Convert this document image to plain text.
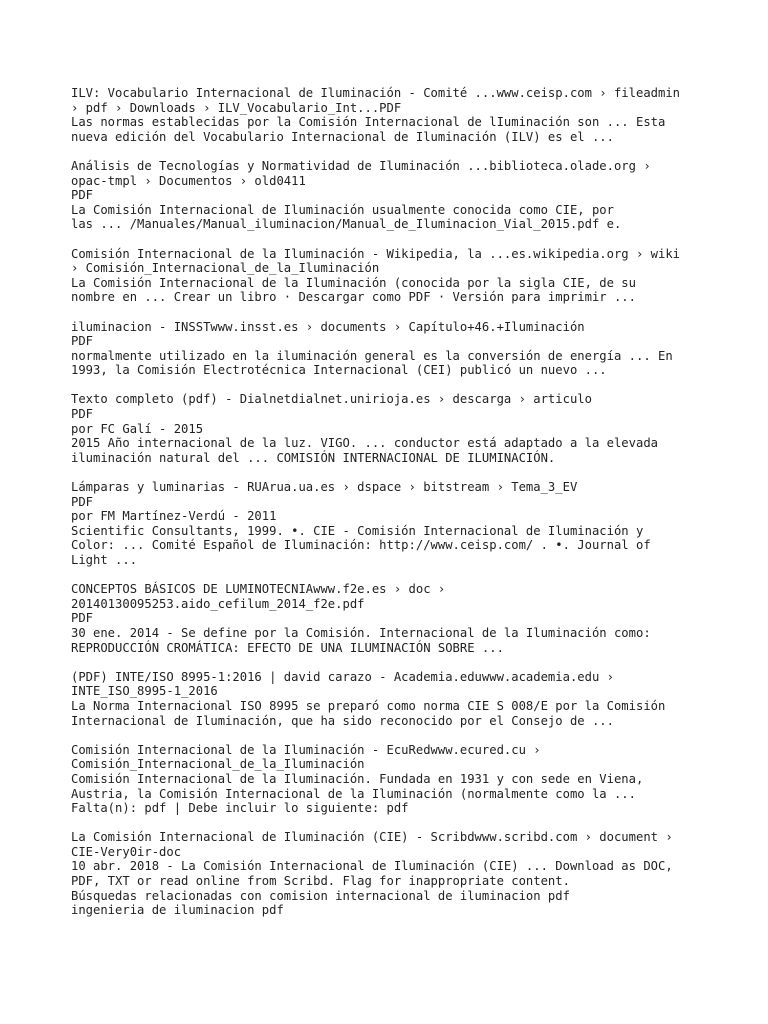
ILV: Vocabulario Internacional de Iluminación - Comité ...www.ceisp.com › fileadmin
› pdf › Downloads › ILV_Vocabulario_Int...PDF
Las normas establecidas por la Comisión Internacional de lIuminación son ... Esta
nueva edición del Vocabulario Internacional de Iluminación (ILV) es el ...
Análisis de Tecnologías y Normatividad de Iluminación ...biblioteca.olade.org ›
opac-tmpl › Documentos › old0411
PDF
La Comisión Internacional de Iluminación usualmente conocida como CIE, por
las ... /Manuales/Manual_iluminacion/Manual_de_Iluminacion_Vial_2015.pdf e.
Comisión Internacional de la Iluminación - Wikipedia, la ...es.wikipedia.org › wiki
› Comisión_Internacional_de_la_Iluminación
La Comisión Internacional de la Iluminación (conocida por la sigla CIE, de su
nombre en ... Crear un libro · Descargar como PDF · Versión para imprimir ...
iluminacion - INSSTwww.insst.es › documents › Capítulo+46.+Iluminación
PDF
normalmente utilizado en la iluminación general es la conversión de energía ... En
1993, la Comisión Electrotécnica Internacional (CEI) publicó un nuevo ...
Texto completo (pdf) - Dialnetdialnet.unirioja.es › descarga › articulo
PDF
por FC Galí - 2015
2015 Año internacional de la luz. VIGO. ... conductor está adaptado a la elevada
iluminación natural del ... COMISIÓN INTERNACIONAL DE ILUMINACIÓN.
Lámparas y luminarias - RUArua.ua.es › dspace › bitstream › Tema_3_EV
PDF
por FM Martínez-Verdú - 2011
Scientific Consultants, 1999. •. CIE - Comisión Internacional de Iluminación y
Color: ... Comité Español de Iluminación: http://www.ceisp.com/ . •. Journal of
Light ...
CONCEPTOS BÁSICOS DE LUMINOTECNIAwww.f2e.es › doc ›
20140130095253.aido_cefilum_2014_f2e.pdf
PDF
30 ene. 2014 - Se define por la Comisión. Internacional de la Iluminación como:
REPRODUCCIÓN CROMÁTICA: EFECTO DE UNA ILUMINACIÓN SOBRE ...
(PDF) INTE/ISO 8995-1:2016 | david carazo - Academia.eduwww.academia.edu ›
INTE_ISO_8995-1_2016
La Norma Internacional ISO 8995 se preparó como norma CIE S 008/E por la Comisión
Internacional de Iluminación, que ha sido reconocido por el Consejo de ...
Comisión Internacional de la Iluminación - EcuRedwww.ecured.cu ›
Comisión_Internacional_de_la_Iluminación
Comisión Internacional de la Iluminación. Fundada en 1931 y con sede en Viena,
Austria, la Comisión Internacional de la Iluminación (normalmente como la ...
Falta(n): pdf | Debe incluir lo siguiente: pdf
La Comisión Internacional de Iluminación (CIE) - Scribdwww.scribd.com › document ›
CIE-Very0ir-doc
10 abr. 2018 - La Comisión Internacional de Iluminación (CIE) ... Download as DOC,
PDF, TXT or read online from Scribd. Flag for inappropriate content.
Búsquedas relacionadas con comision internacional de iluminacion pdf
ingenieria de iluminacion pdf
